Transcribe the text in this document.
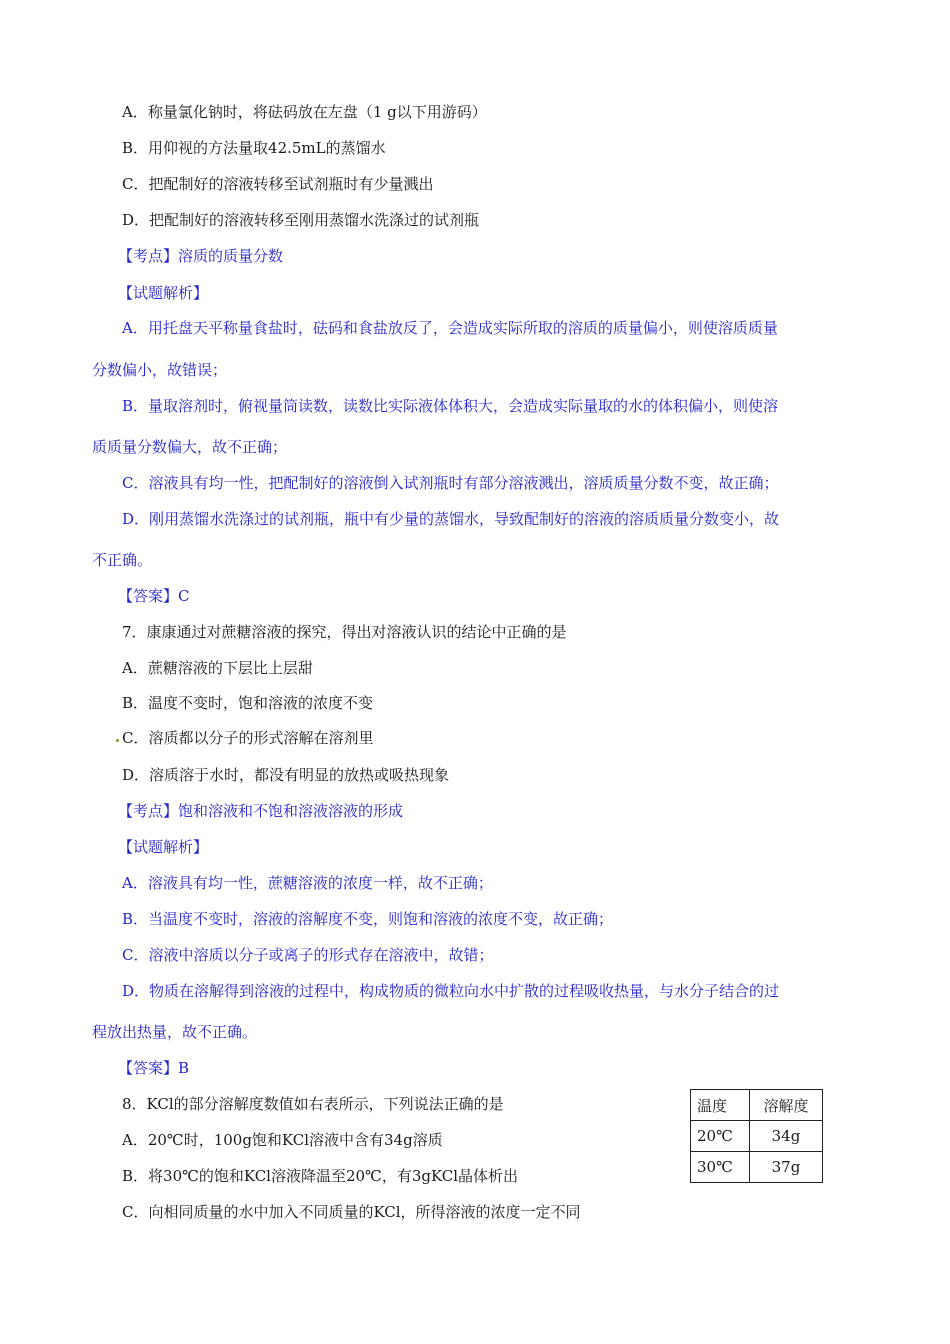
A．称量氯化钠时，将砝码放在左盘（1 g以下用游码）
B．用仰视的方法量取42.5mL的蒸馏水
C．把配制好的溶液转移至试剂瓶时有少量溅出
D．把配制好的溶液转移至刚用蒸馏水洗涤过的试剂瓶
【考点】溶质的质量分数
【试题解析】
A．用托盘天平称量食盐时，砝码和食盐放反了，会造成实际所取的溶质的质量偏小，则使溶质质量
分数偏小，故错误；
B．量取溶剂时，俯视量筒读数，读数比实际液体体积大，会造成实际量取的水的体积偏小，则使溶
质质量分数偏大，故不正确；
C．溶液具有均一性，把配制好的溶液倒入试剂瓶时有部分溶液溅出，溶质质量分数不变，故正确；
D．刚用蒸馏水洗涤过的试剂瓶，瓶中有少量的蒸馏水，导致配制好的溶液的溶质质量分数变小，故
不正确。
【答案】C
7．康康通过对蔗糖溶液的探究，得出对溶液认识的结论中正确的是
A．蔗糖溶液的下层比上层甜
B．温度不变时，饱和溶液的浓度不变
C．溶质都以分子的形式溶解在溶剂里
D．溶质溶于水时，都没有明显的放热或吸热现象
【考点】饱和溶液和不饱和溶液溶液的形成
【试题解析】
A．溶液具有均一性，蔗糖溶液的浓度一样，故不正确；
B．当温度不变时，溶液的溶解度不变，则饱和溶液的浓度不变，故正确；
C．溶液中溶质以分子或离子的形式存在溶液中，故错；
D．物质在溶解得到溶液的过程中，构成物质的微粒向水中扩散的过程吸收热量，与水分子结合的过
程放出热量，故不正确。
【答案】B
8．KCl的部分溶解度数值如右表所示，下列说法正确的是
A．20℃时，100g饱和KCl溶液中含有34g溶质
B．将30℃的饱和KCl溶液降温至20℃，有3gKCl晶体析出
C．向相同质量的水中加入不同质量的KCl，所得溶液的浓度一定不同
温度	溶解度
20℃	34g
30℃	37g
